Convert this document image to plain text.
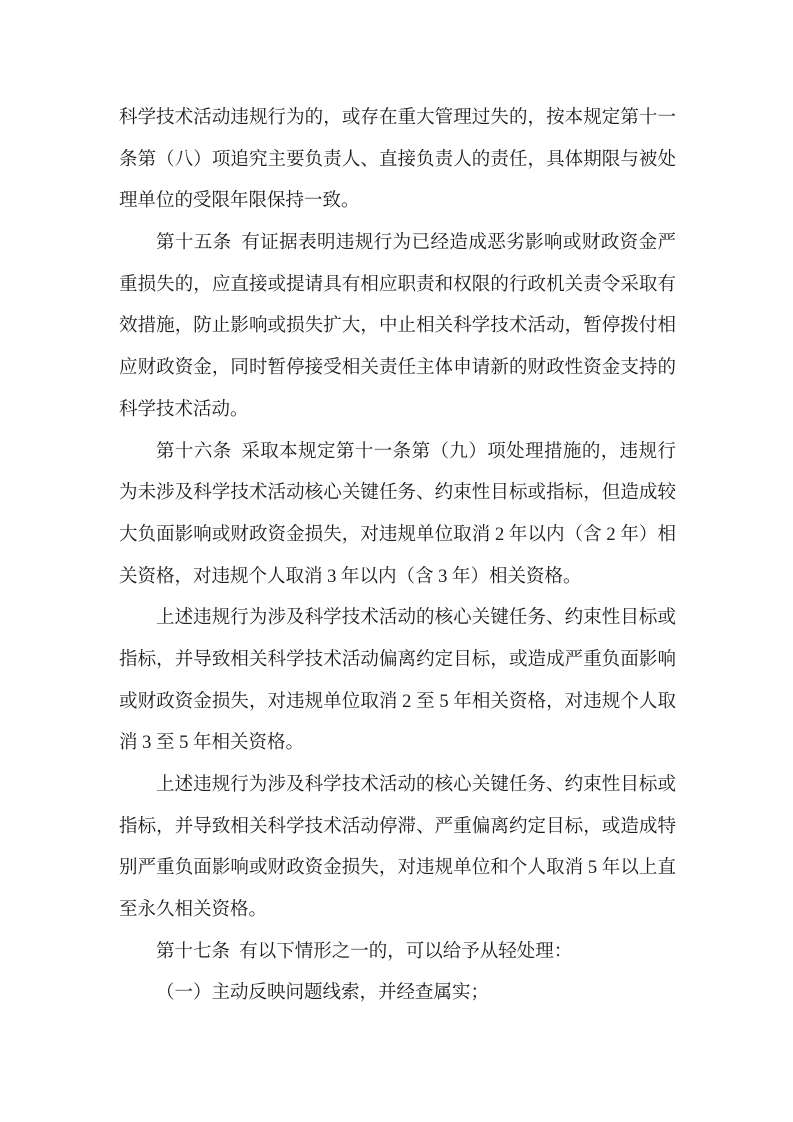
科学技术活动违规行为的，或存在重大管理过失的，按本规定第十一
条第（八）项追究主要负责人、直接负责人的责任，具体期限与被处
理单位的受限年限保持一致。
第十五条 有证据表明违规行为已经造成恶劣影响或财政资金严
重损失的，应直接或提请具有相应职责和权限的行政机关责令采取有
效措施，防止影响或损失扩大，中止相关科学技术活动，暂停拨付相
应财政资金，同时暂停接受相关责任主体申请新的财政性资金支持的
科学技术活动。
第十六条 采取本规定第十一条第（九）项处理措施的，违规行
为未涉及科学技术活动核心关键任务、约束性目标或指标，但造成较
大负面影响或财政资金损失，对违规单位取消 2 年以内（含 2 年）相
关资格，对违规个人取消 3 年以内（含 3 年）相关资格。
上述违规行为涉及科学技术活动的核心关键任务、约束性目标或
指标，并导致相关科学技术活动偏离约定目标，或造成严重负面影响
或财政资金损失，对违规单位取消 2 至 5 年相关资格，对违规个人取
消 3 至 5 年相关资格。
上述违规行为涉及科学技术活动的核心关键任务、约束性目标或
指标，并导致相关科学技术活动停滞、严重偏离约定目标，或造成特
别严重负面影响或财政资金损失，对违规单位和个人取消 5 年以上直
至永久相关资格。
第十七条 有以下情形之一的，可以给予从轻处理：
（一）主动反映问题线索，并经查属实；
